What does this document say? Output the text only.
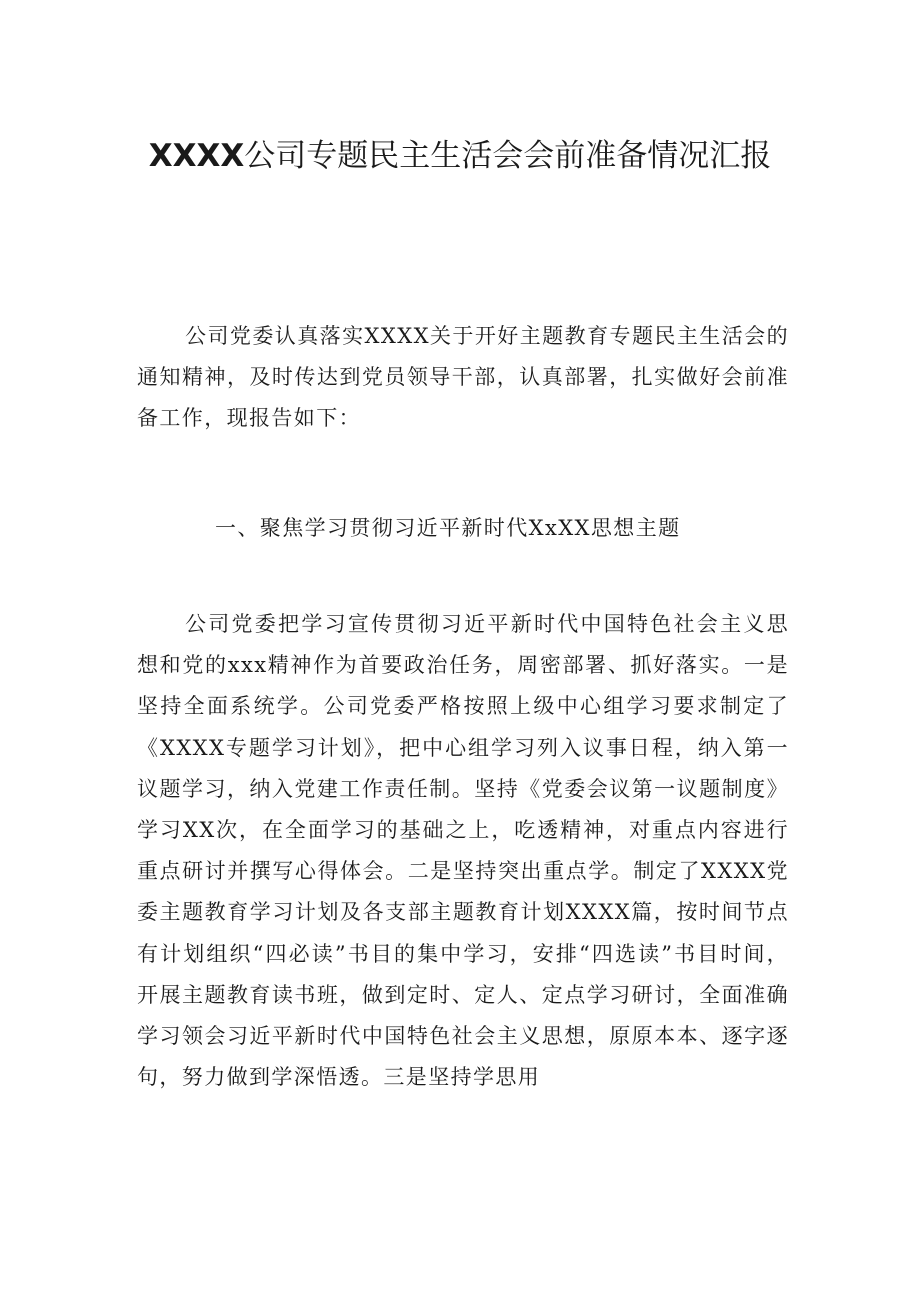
XXXX公司专题民主生活会会前准备情况汇报

公司党委认真落实XXXX关于开好主题教育专题民主生活会的通知精神，及时传达到党员领导干部，认真部署，扎实做好会前准备工作，现报告如下：

一、聚焦学习贯彻习近平新时代XxXX思想主题

公司党委把学习宣传贯彻习近平新时代中国特色社会主义思想和党的xxx精神作为首要政治任务，周密部署、抓好落实。一是坚持全面系统学。公司党委严格按照上级中心组学习要求制定了《XXXX专题学习计划》，把中心组学习列入议事日程，纳入第一议题学习，纳入党建工作责任制。坚持《党委会议第一议题制度》学习XX次，在全面学习的基础之上，吃透精神，对重点内容进行重点研讨并撰写心得体会。二是坚持突出重点学。制定了XXXX党委主题教育学习计划及各支部主题教育计划XXXX篇，按时间节点有计划组织“四必读”书目的集中学习，安排“四选读”书目时间，开展主题教育读书班，做到定时、定人、定点学习研讨，全面准确学习领会习近平新时代中国特色社会主义思想，原原本本、逐字逐句，努力做到学深悟透。三是坚持学思用
